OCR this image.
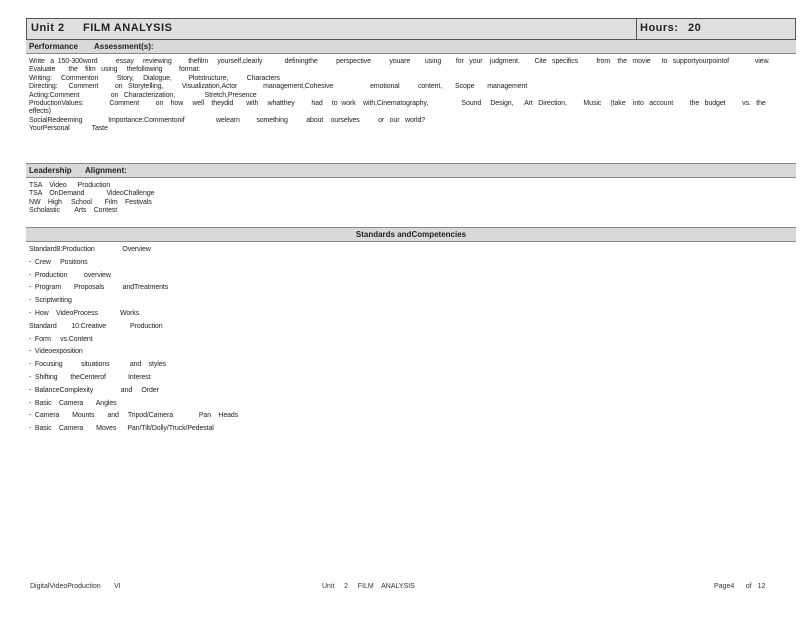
Unit 2 FILM ANALYSIS	Hours: 20
Performance Assessment(s):
Write   a  150-300word          essay     reviewing         thefilm     yourself,clearly            definingthe          perspective          youare        using        for   your    judgment.        Cite   specifics          from    the   movie      to   supportyourpointof              view.
Evaluate       the    film   using     thefollowing         format:
Writing:     Commenton          Story,     Dialogue,         Plotstructure,          Characters
Directing:      Comment         on   Storytelling,          Visualization,Actor              management,Cohesive                    emotional          content,       Scope       management
Acting:Comment                 on   Characterization,                Stretch,Presence
ProductionValues:              Comment         on    how     well    theydid       with     whatthey         had     to  work    with,Cinematography,                  Sound     Design,      Art   Direction,         Music     (take    into   account         the   budget         vs.   the
effects)
SocialRedeeming              Importance:Commentonif                 welearn         something          about    ourselves          or   our   world?
YourPersonal            Taste
Leadership Alignment:
TSA    Video      Production
TSA    OnDemand            VideoChallenge
NW    High     School       Film    Festivals
Scholastic        Arts    Contest
Standards andCompetencies
Standard8:Production               Overview
-  Crew     Positions
-  Production         overview
-  Program       Proposals          andTreatments
-  Scriptwriting
-  How    VideoProcess            Works
Standard        10:Creative             Production
-  Form     vs.Content
-  Videoexposition
-  Focusing          situations           and    styles
-  Shifting       theCenterof            Interest
-  BalanceComplexity               and     Order
-  Basic    Camera       Angles
-  Camera       Mounts       and     Tripod/Camera              Pan    Heads
-  Basic    Camera       Moves      Pan/Tilt/Dolly/Truck/Pedestal
DigitalVideoProduction VI	Unit     2     FILM    ANALYSIS	Page4      of   12
